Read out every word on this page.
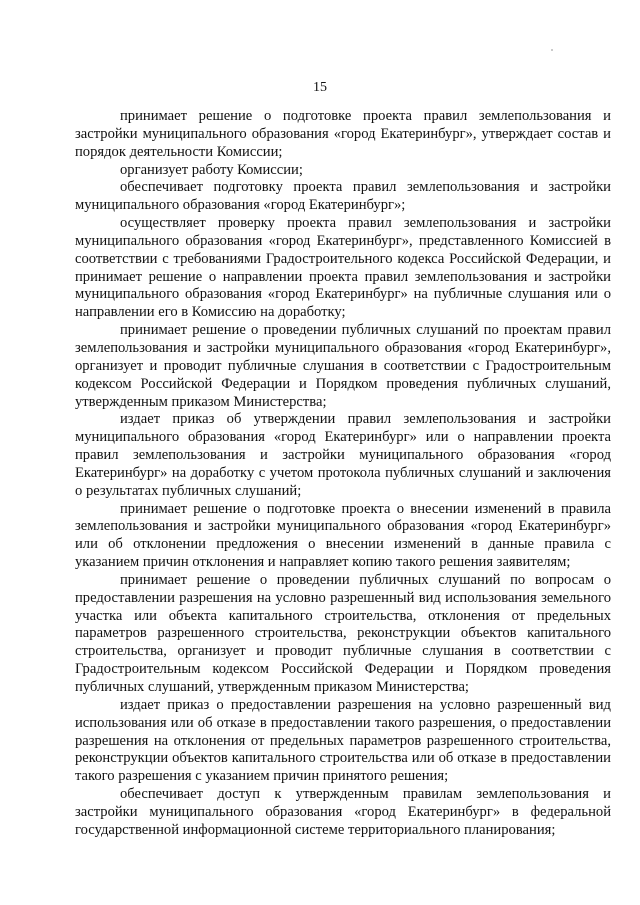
15

принимает решение о подготовке проекта правил землепользования и застройки муниципального образования «город Екатеринбург», утверждает состав и порядок деятельности Комиссии;

организует работу Комиссии;

обеспечивает подготовку проекта правил землепользования и застройки муниципального образования «город Екатеринбург»;

осуществляет проверку проекта правил землепользования и застройки муниципального образования «город Екатеринбург», представленного Комиссией в соответствии с требованиями Градостроительного кодекса Российской Федерации, и принимает решение о направлении проекта правил землепользования и застройки муниципального образования «город Екатеринбург» на публичные слушания или о направлении его в Комиссию на доработку;

принимает решение о проведении публичных слушаний по проектам правил землепользования и застройки муниципального образования «город Екатеринбург», организует и проводит публичные слушания в соответствии с Градостроительным кодексом Российской Федерации и Порядком проведения публичных слушаний, утвержденным приказом Министерства;

издает приказ об утверждении правил землепользования и застройки муниципального образования «город Екатеринбург» или о направлении проекта правил землепользования и застройки муниципального образования «город Екатеринбург» на доработку с учетом протокола публичных слушаний и заключения о результатах публичных слушаний;

принимает решение о подготовке проекта о внесении изменений в правила землепользования и застройки муниципального образования «город Екатеринбург» или об отклонении предложения о внесении изменений в данные правила с указанием причин отклонения и направляет копию такого решения заявителям;

принимает решение о проведении публичных слушаний по вопросам о предоставлении разрешения на условно разрешенный вид использования земельного участка или объекта капитального строительства, отклонения от предельных параметров разрешенного строительства, реконструкции объектов капитального строительства, организует и проводит публичные слушания в соответствии с Градостроительным кодексом Российской Федерации и Порядком проведения публичных слушаний, утвержденным приказом Министерства;

издает приказ о предоставлении разрешения на условно разрешенный вид использования или об отказе в предоставлении такого разрешения, о предоставлении разрешения на отклонения от предельных параметров разрешенного строительства, реконструкции объектов капитального строительства или об отказе в предоставлении такого разрешения с указанием причин принятого решения;

обеспечивает доступ к утвержденным правилам землепользования и застройки муниципального образования «город Екатеринбург» в федеральной государственной информационной системе территориального планирования;
